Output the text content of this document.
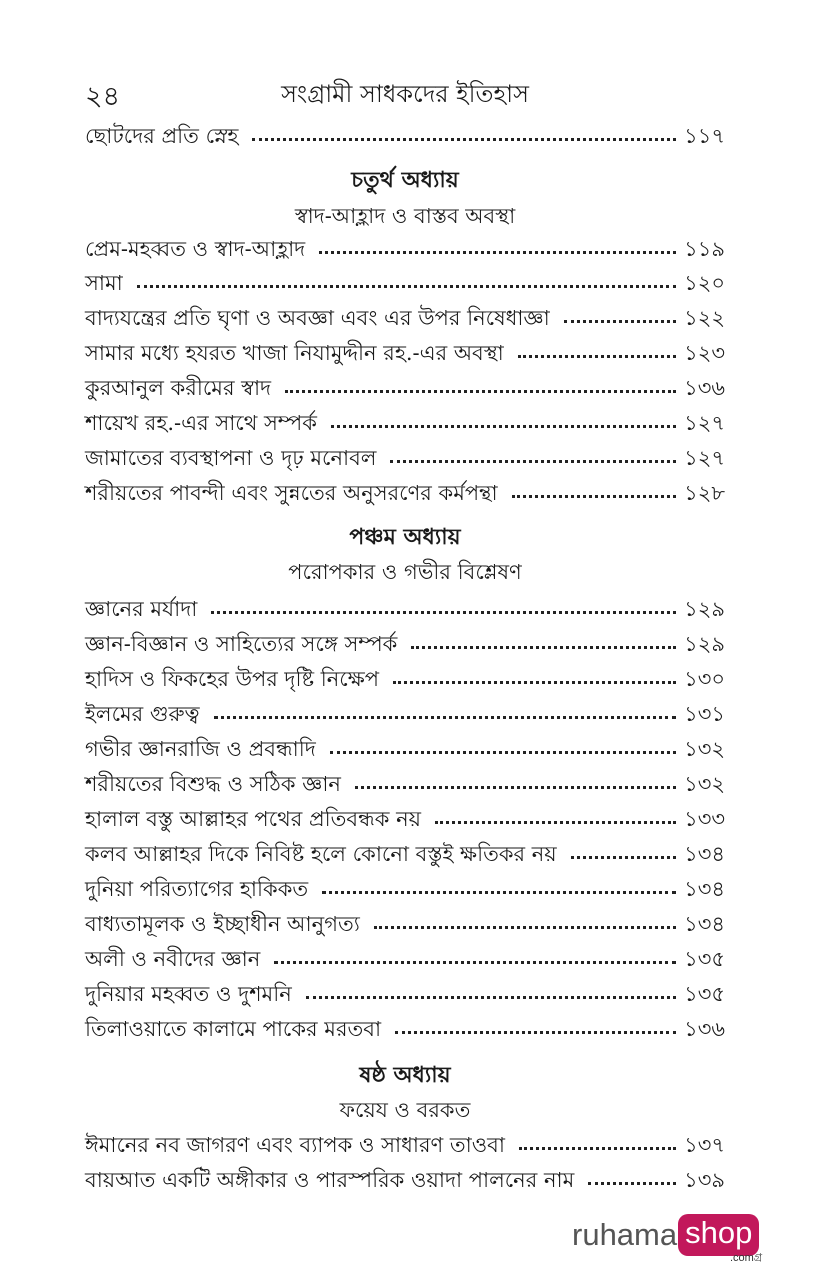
২৪	সংগ্রামী সাধকদের ইতিহাস
ছোটদের প্রতি স্নেহ	১১৭
চতুর্থ অধ্যায়
স্বাদ-আহ্লাদ ও বাস্তব অবস্থা
প্রেম-মহব্বত ও স্বাদ-আহ্লাদ	১১৯
সামা	১২০
বাদ্যযন্ত্রের প্রতি ঘৃণা ও অবজ্ঞা এবং এর উপর নিষেধাজ্ঞা	১২২
সামার মধ্যে হযরত খাজা নিযামুদ্দীন রহ.-এর অবস্থা	১২৩
কুরআনুল করীমের স্বাদ	১৩৬
শায়েখ রহ.-এর সাথে সম্পর্ক	১২৭
জামাতের ব্যবস্থাপনা ও দৃঢ় মনোবল	১২৭
শরীয়তের পাবন্দী এবং সুন্নতের অনুসরণের কর্মপন্থা	১২৮
পঞ্চম অধ্যায়
পরোপকার ও গভীর বিশ্লেষণ
জ্ঞানের মর্যাদা	১২৯
জ্ঞান-বিজ্ঞান ও সাহিত্যের সঙ্গে সম্পর্ক	১২৯
হাদিস ও ফিকহের উপর দৃষ্টি নিক্ষেপ	১৩০
ইলমের গুরুত্ব	১৩১
গভীর জ্ঞানরাজি ও প্রবন্ধাদি	১৩২
শরীয়তের বিশুদ্ধ ও সঠিক জ্ঞান	১৩২
হালাল বস্তু আল্লাহর পথের প্রতিবন্ধক নয়	১৩৩
কলব আল্লাহর দিকে নিবিষ্ট হলে কোনো বস্তুই ক্ষতিকর নয়	১৩৪
দুনিয়া পরিত্যাগের হাকিকত	১৩৪
বাধ্যতামূলক ও ইচ্ছাধীন আনুগত্য	১৩৪
অলী ও নবীদের জ্ঞান	১৩৫
দুনিয়ার মহব্বত ও দুশমনি	১৩৫
তিলাওয়াতে কালামে পাকের মরতবা	১৩৬
ষষ্ঠ অধ্যায়
ফয়েয ও বরকত
ঈমানের নব জাগরণ এবং ব্যাপক ও সাধারণ তাওবা	১৩৭
বায়আত একটি অঙ্গীকার ও পারস্পরিক ওয়াদা পালনের নাম	১৩৯
ruhama shop
.comগ্র
